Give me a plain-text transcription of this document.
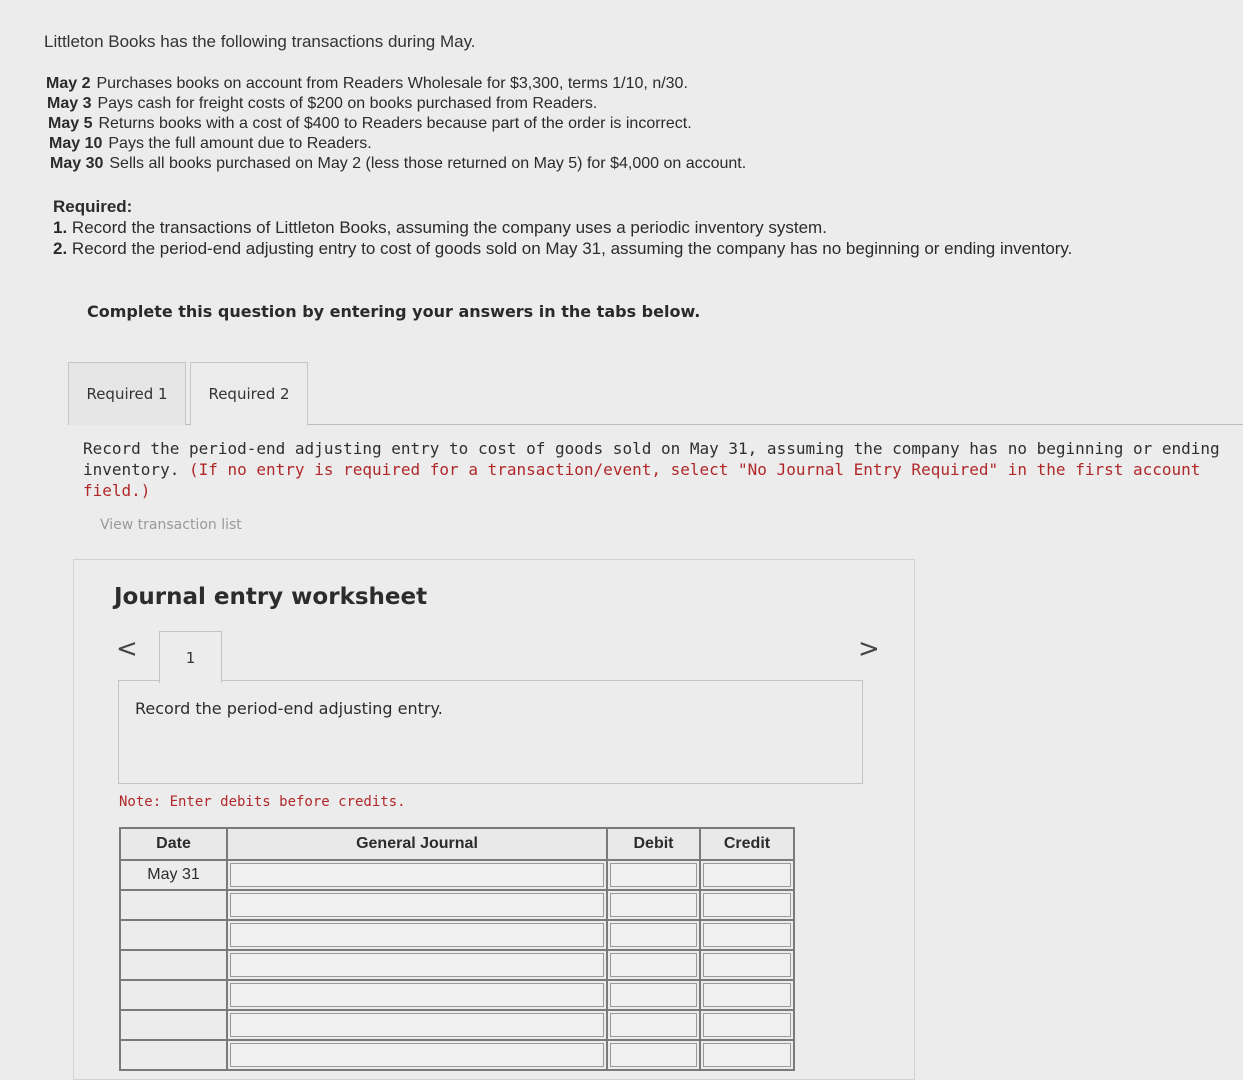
Littleton Books has the following transactions during May.
May 2 Purchases books on account from Readers Wholesale for $3,300, terms 1/10, n/30.
May 3 Pays cash for freight costs of $200 on books purchased from Readers.
May 5 Returns books with a cost of $400 to Readers because part of the order is incorrect.
May 10 Pays the full amount due to Readers.
May 30 Sells all books purchased on May 2 (less those returned on May 5) for $4,000 on account.
Required:
1. Record the transactions of Littleton Books, assuming the company uses a periodic inventory system.
2. Record the period-end adjusting entry to cost of goods sold on May 31, assuming the company has no beginning or ending inventory.
Complete this question by entering your answers in the tabs below.
Required 1	Required 2
Record the period-end adjusting entry to cost of goods sold on May 31, assuming the company has no beginning or ending inventory. (If no entry is required for a transaction/event, select "No Journal Entry Required" in the first account field.)
View transaction list
Journal entry worksheet
<	1	>
Record the period-end adjusting entry.
Note: Enter debits before credits.
Date	General Journal	Debit	Credit
May 31	
